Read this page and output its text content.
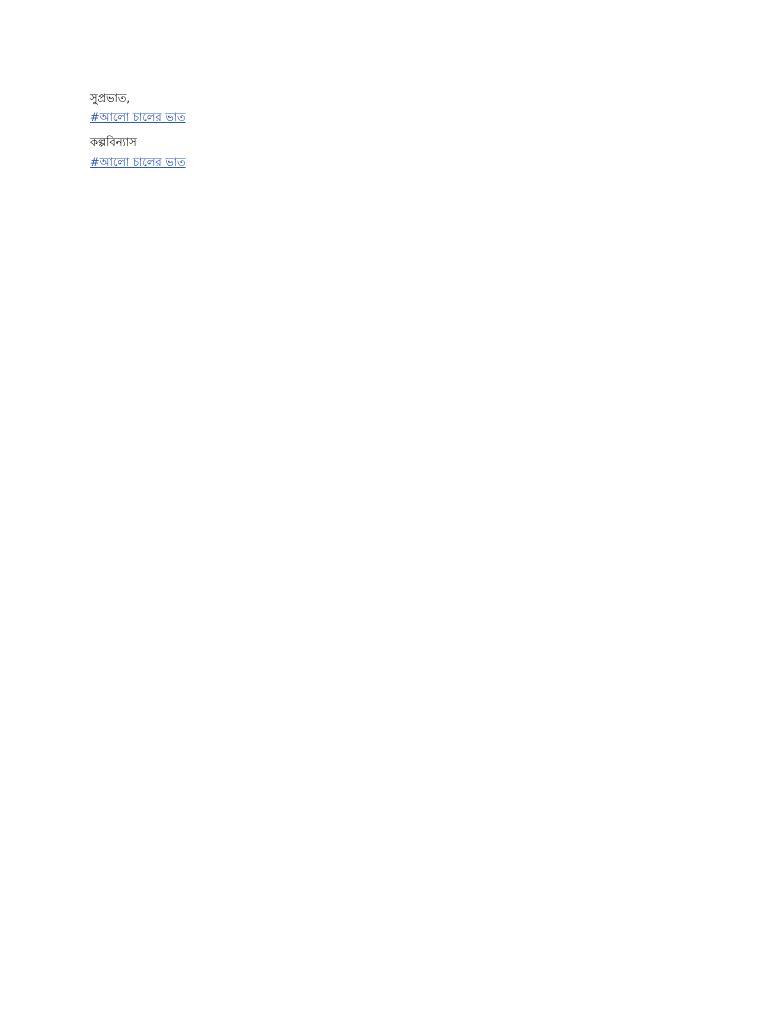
সুপ্রভাত,
#আলো চালের ভাত
কল্পবিন্যাস
#আলো চালের ভাত
